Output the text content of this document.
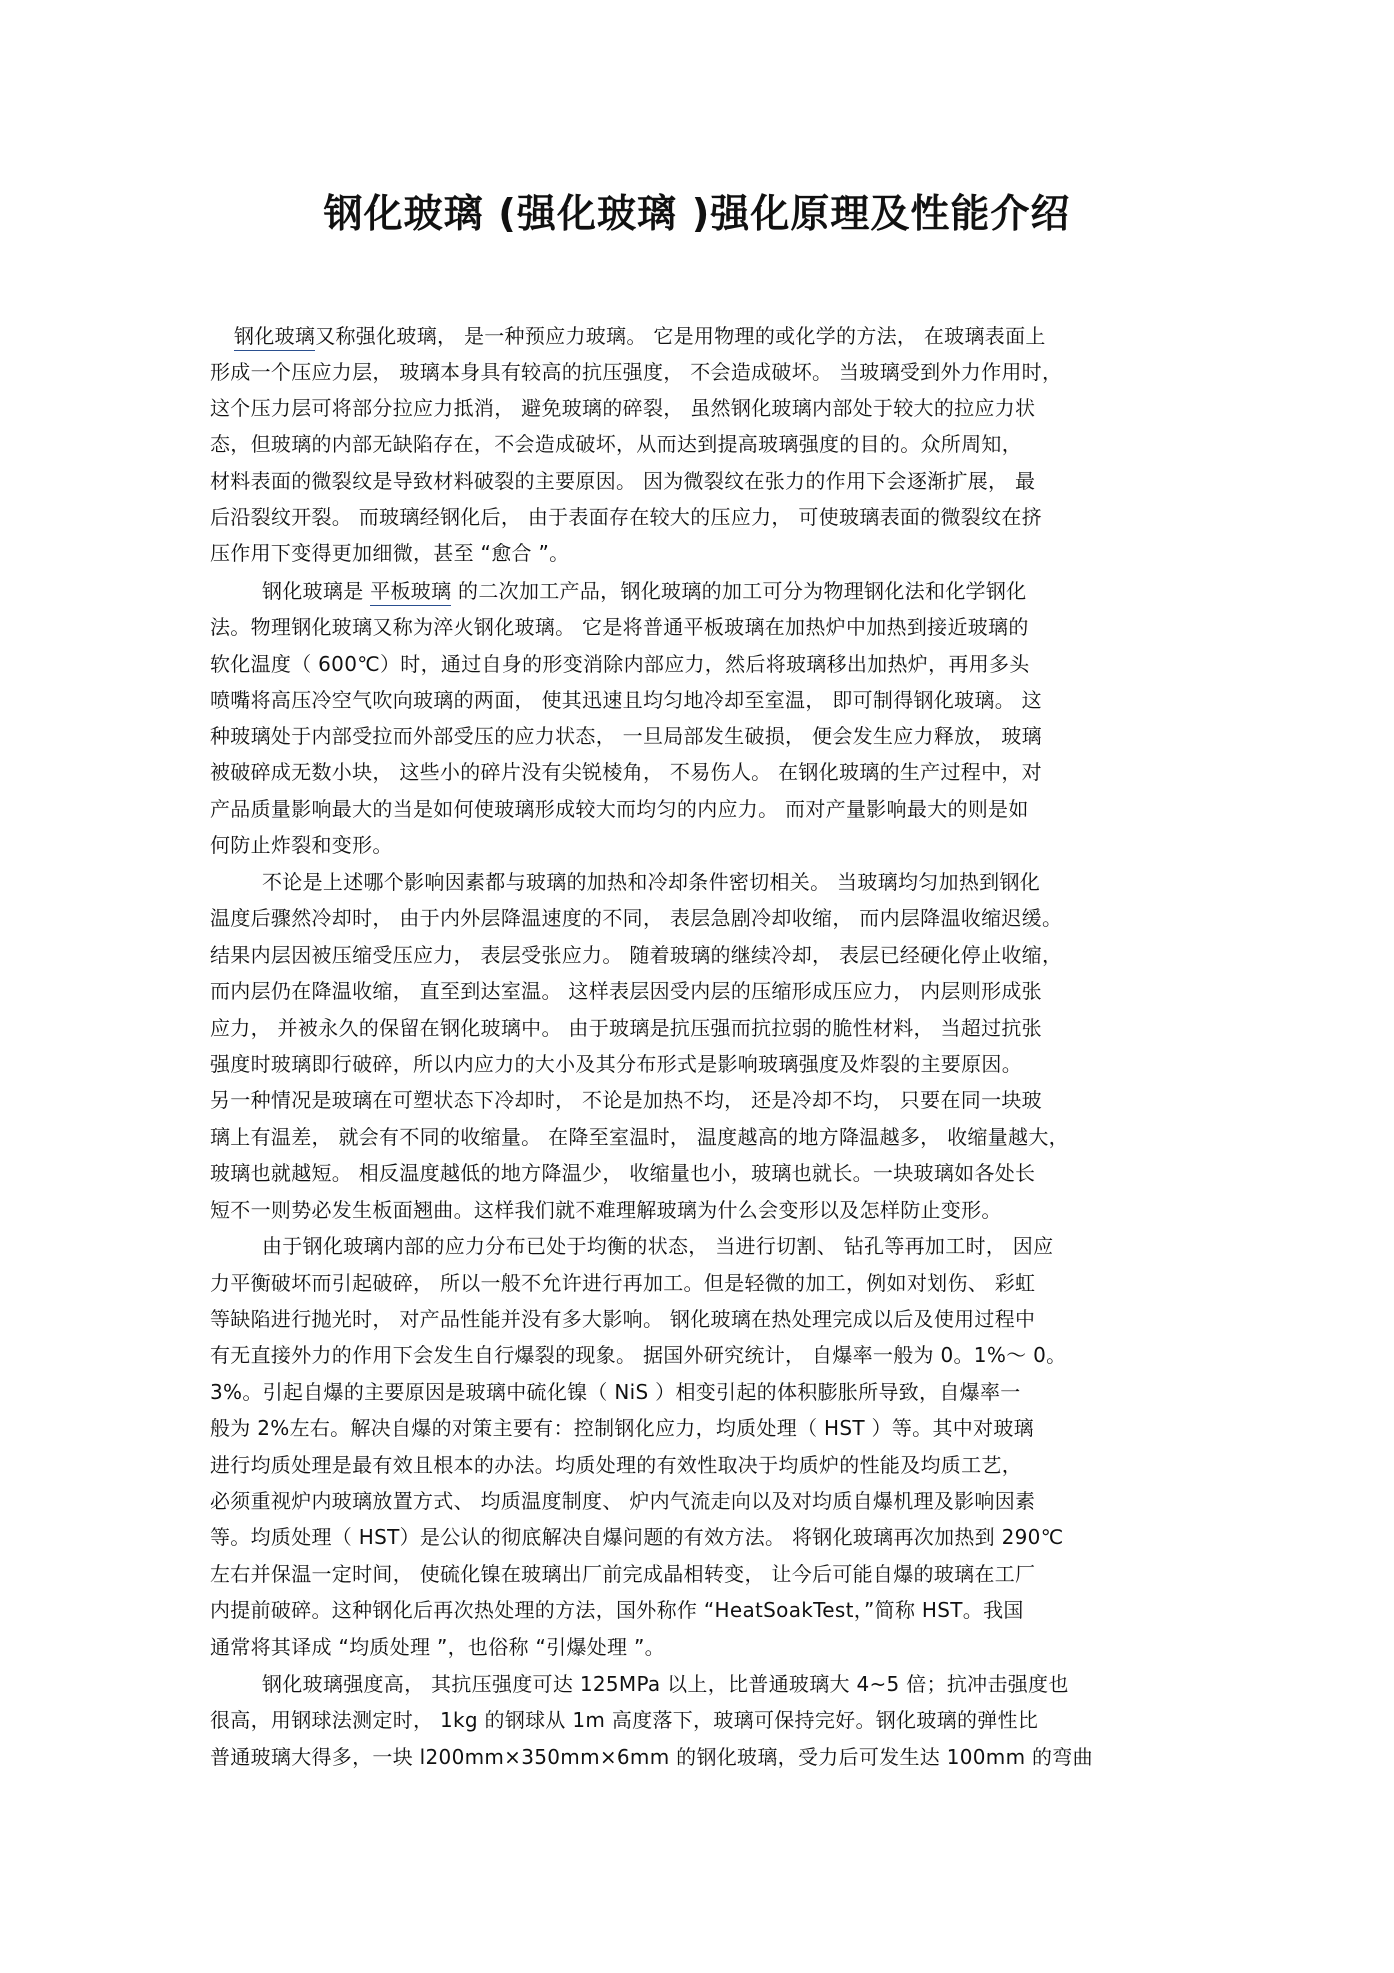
钢化玻璃 (强化玻璃 )强化原理及性能介绍
钢化玻璃又称强化玻璃， 是一种预应力玻璃。 它是用物理的或化学的方法， 在玻璃表面上
形成一个压应力层， 玻璃本身具有较高的抗压强度， 不会造成破坏。 当玻璃受到外力作用时，
这个压力层可将部分拉应力抵消， 避免玻璃的碎裂， 虽然钢化玻璃内部处于较大的拉应力状
态，但玻璃的内部无缺陷存在，不会造成破坏，从而达到提高玻璃强度的目的。众所周知，
材料表面的微裂纹是导致材料破裂的主要原因。 因为微裂纹在张力的作用下会逐渐扩展， 最
后沿裂纹开裂。 而玻璃经钢化后， 由于表面存在较大的压应力， 可使玻璃表面的微裂纹在挤
压作用下变得更加细微，甚至 “愈合 ”。
钢化玻璃是 平板玻璃 的二次加工产品，钢化玻璃的加工可分为物理钢化法和化学钢化
法。物理钢化玻璃又称为淬火钢化玻璃。 它是将普通平板玻璃在加热炉中加热到接近玻璃的
软化温度（ 600℃）时，通过自身的形变消除内部应力，然后将玻璃移出加热炉，再用多头
喷嘴将高压冷空气吹向玻璃的两面， 使其迅速且均匀地冷却至室温， 即可制得钢化玻璃。 这
种玻璃处于内部受拉而外部受压的应力状态， 一旦局部发生破损， 便会发生应力释放， 玻璃
被破碎成无数小块， 这些小的碎片没有尖锐棱角， 不易伤人。 在钢化玻璃的生产过程中，对
产品质量影响最大的当是如何使玻璃形成较大而均匀的内应力。 而对产量影响最大的则是如
何防止炸裂和变形。
不论是上述哪个影响因素都与玻璃的加热和冷却条件密切相关。 当玻璃均匀加热到钢化
温度后骤然冷却时， 由于内外层降温速度的不同， 表层急剧冷却收缩， 而内层降温收缩迟缓。
结果内层因被压缩受压应力， 表层受张应力。 随着玻璃的继续冷却， 表层已经硬化停止收缩，
而内层仍在降温收缩， 直至到达室温。 这样表层因受内层的压缩形成压应力， 内层则形成张
应力， 并被永久的保留在钢化玻璃中。 由于玻璃是抗压强而抗拉弱的脆性材料， 当超过抗张
强度时玻璃即行破碎，所以内应力的大小及其分布形式是影响玻璃强度及炸裂的主要原因。
另一种情况是玻璃在可塑状态下冷却时， 不论是加热不均， 还是冷却不均， 只要在同一块玻
璃上有温差， 就会有不同的收缩量。 在降至室温时， 温度越高的地方降温越多， 收缩量越大，
玻璃也就越短。 相反温度越低的地方降温少， 收缩量也小，玻璃也就长。一块玻璃如各处长
短不一则势必发生板面翘曲。这样我们就不难理解玻璃为什么会变形以及怎样防止变形。
由于钢化玻璃内部的应力分布已处于均衡的状态， 当进行切割、 钻孔等再加工时， 因应
力平衡破坏而引起破碎， 所以一般不允许进行再加工。但是轻微的加工，例如对划伤、 彩虹
等缺陷进行抛光时， 对产品性能并没有多大影响。 钢化玻璃在热处理完成以后及使用过程中
有无直接外力的作用下会发生自行爆裂的现象。 据国外研究统计， 自爆率一般为 0。1%～ 0。
3%。引起自爆的主要原因是玻璃中硫化镍（ NiS ）相变引起的体积膨胀所导致，自爆率一
般为 2%左右。解决自爆的对策主要有：控制钢化应力，均质处理（ HST ）等。其中对玻璃
进行均质处理是最有效且根本的办法。均质处理的有效性取决于均质炉的性能及均质工艺，
必须重视炉内玻璃放置方式、 均质温度制度、 炉内气流走向以及对均质自爆机理及影响因素
等。均质处理（ HST）是公认的彻底解决自爆问题的有效方法。 将钢化玻璃再次加热到 290℃
左右并保温一定时间， 使硫化镍在玻璃出厂前完成晶相转变， 让今后可能自爆的玻璃在工厂
内提前破碎。这种钢化后再次热处理的方法，国外称作 “HeatSoakTest，”简称 HST。我国
通常将其译成 “均质处理 ”，也俗称 “引爆处理 ”。
钢化玻璃强度高， 其抗压强度可达 125MPa 以上，比普通玻璃大 4~5 倍；抗冲击强度也
很高，用钢球法测定时， 1kg 的钢球从 1m 高度落下，玻璃可保持完好。钢化玻璃的弹性比
普通玻璃大得多，一块 l200mm×350mm×6mm 的钢化玻璃，受力后可发生达 100mm 的弯曲
